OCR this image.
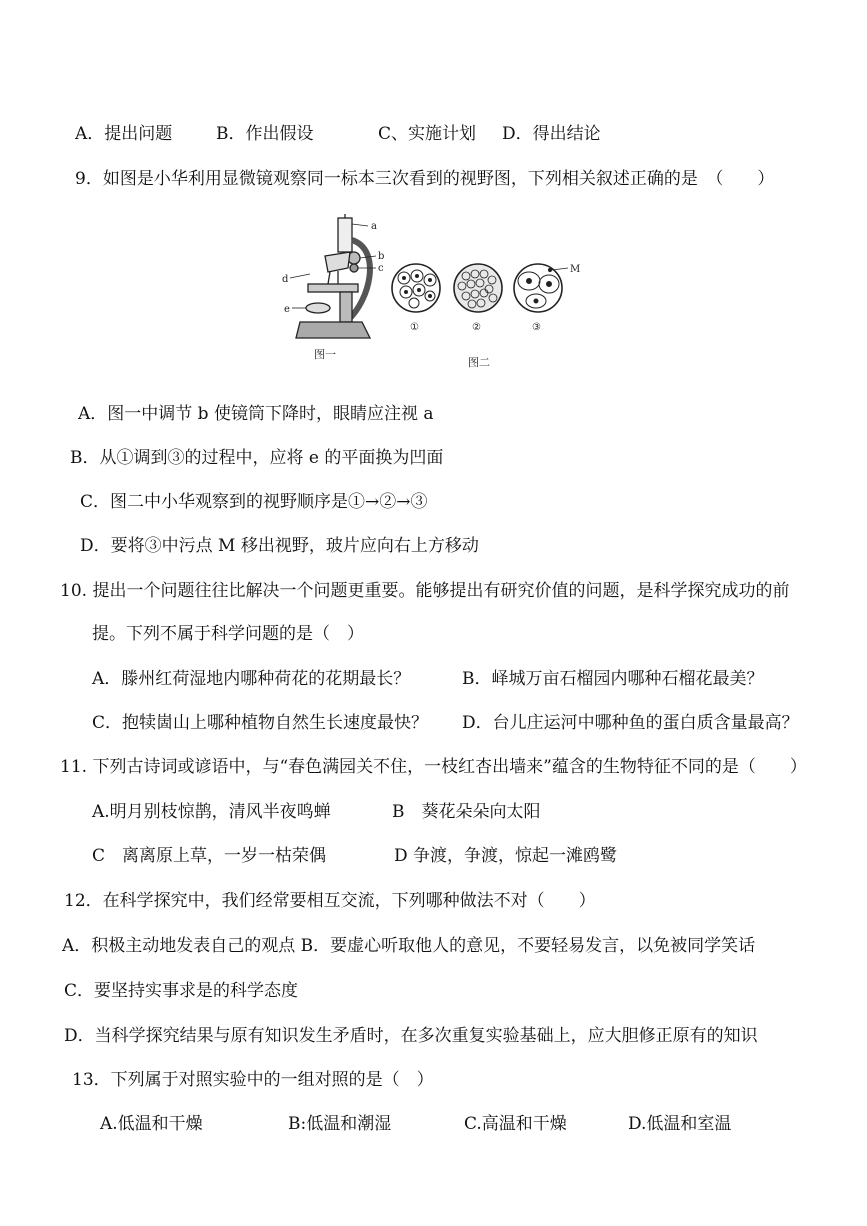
A．提出问题	B．作出假设	C、实施计划 D．得出结论
9．如图是小华利用显微镜观察同一标本三次看到的视野图，下列相关叙述正确的是　（　　）
a
b
c
d
e
图一
M
①	②	③
图二
A．图一中调节 b 使镜筒下降时，眼睛应注视 a
B．从①调到③的过程中，应将 e 的平面换为凹面
C．图二中小华观察到的视野顺序是①→②→③
D．要将③中污点 M 移出视野，玻片应向右上方移动
10. 提出一个问题往往比解决一个问题更重要。能够提出有研究价值的问题，是科学探究成功的前
提。下列不属于科学问题的是（　）
A．滕州红荷湿地内哪种荷花的花期最长？	B．峄城万亩石榴园内哪种石榴花最美？
C．抱犊崮山上哪种植物自然生长速度最快？ D．台儿庄运河中哪种鱼的蛋白质含量最高？
11. 下列古诗词或谚语中，与“春色满园关不住，一枝红杏出墙来”蕴含的生物特征不同的是（　　）
A.明月别枝惊鹊，清风半夜鸣蝉	B　葵花朵朵向太阳
C　离离原上草，一岁一枯荣偶	D 争渡，争渡，惊起一滩鸥鹭
12．在科学探究中，我们经常要相互交流，下列哪种做法不对（　　）
A．积极主动地发表自己的观点 B．要虚心听取他人的意见，不要轻易发言，以免被同学笑话
C．要坚持实事求是的科学态度
D．当科学探究结果与原有知识发生矛盾时，在多次重复实验基础上，应大胆修正原有的知识
13．下列属于对照实验中的一组对照的是（　）
A.低温和干燥	B:低温和潮湿	C.高温和干燥	D.低温和室温
